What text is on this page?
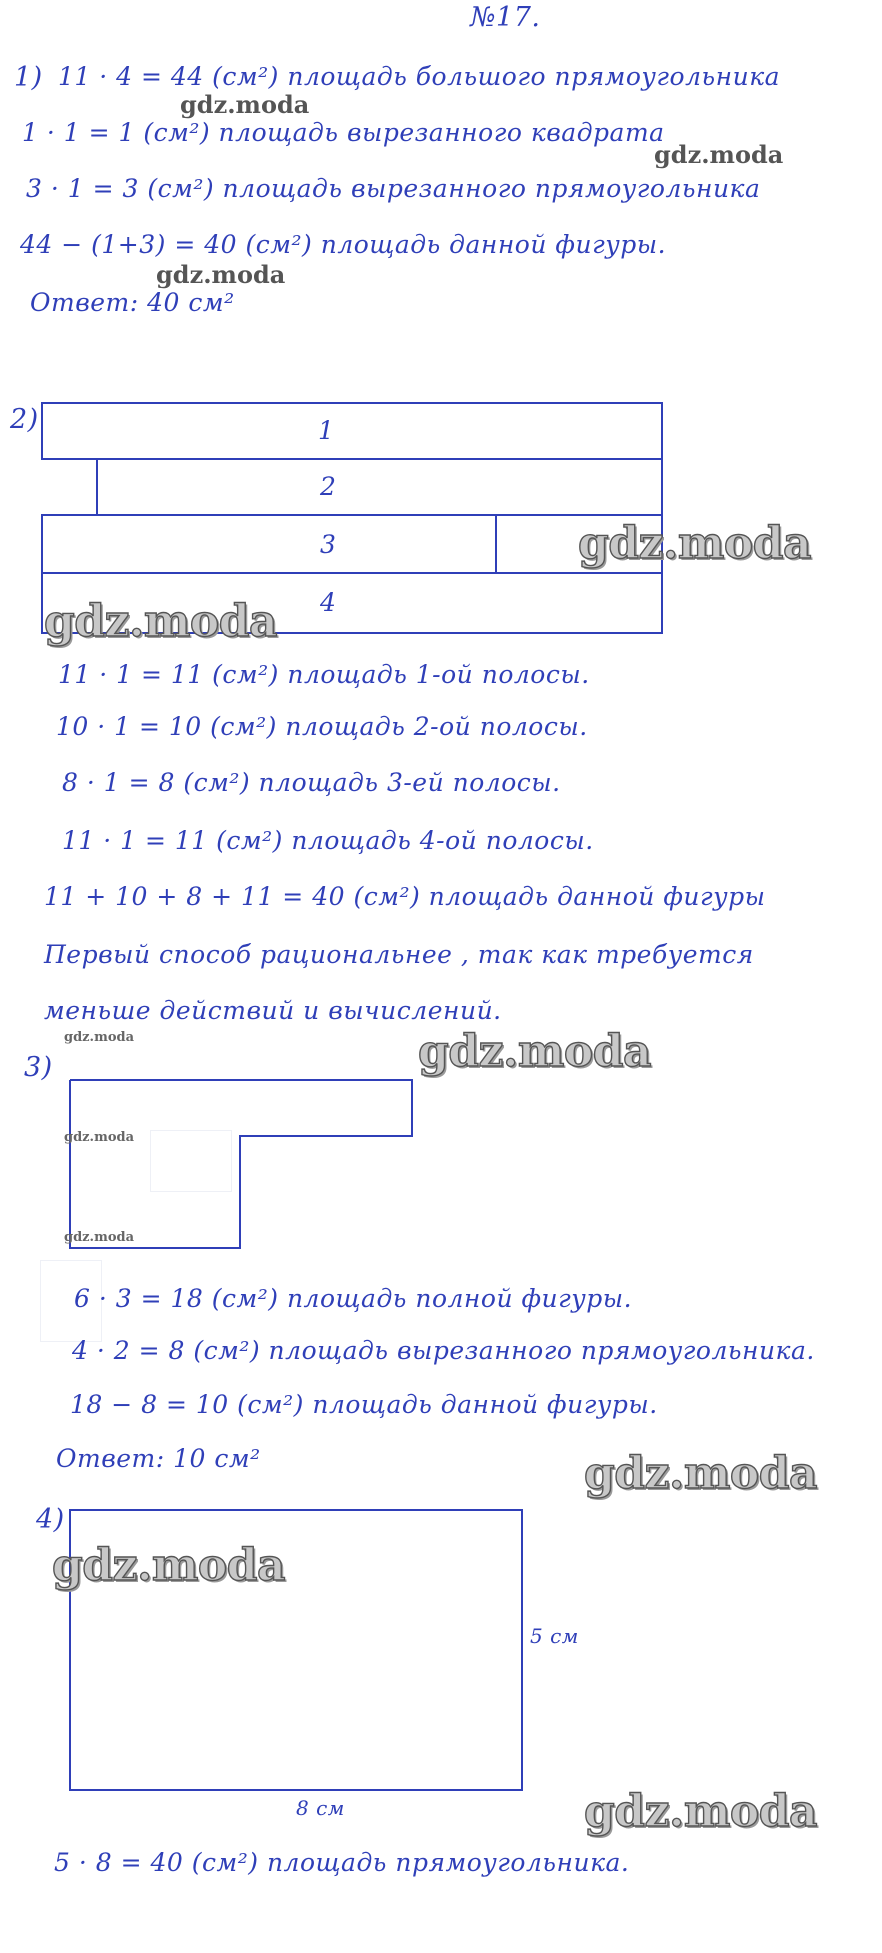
№17.
1) 11 · 4 = 44 (см²) площадь большого прямоугольника
1 · 1 = 1 (см²) площадь вырезанного квадрата
3 · 1 = 3 (см²) площадь вырезанного прямоугольника
44 − (1+3) = 40 (см²) площадь данной фигуры.
Ответ: 40 см²
2)	1
2
3
4
11 · 1 = 11 (см²) площадь 1-ой полосы.
10 · 1 = 10 (см²) площадь 2-ой полосы.
8 · 1 = 8 (см²) площадь 3-ей полосы.
11 · 1 = 11 (см²) площадь 4-ой полосы.
11 + 10 + 8 + 11 = 40 (см²) площадь данной фигуры
Первый способ рациональнее , так как требуется
меньше действий и вычислений.
3)
6 · 3 = 18 (см²) площадь полной фигуры.
4 · 2 = 8 (см²) площадь вырезанного прямоугольника.
18 − 8 = 10 (см²) площадь данной фигуры.
Ответ: 10 см²
4)
5 см
8 см
5 · 8 = 40 (см²) площадь прямоугольника.
gdz.moda
gdz.moda
gdz.moda
gdz.moda
gdz.moda
gdz.moda	gdz.moda
gdz.moda
gdz.moda
gdz.moda
gdz.moda
gdz.moda
